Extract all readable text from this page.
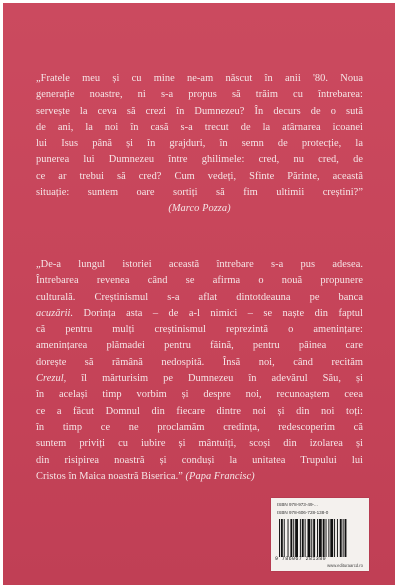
„Fratele meu și cu mine ne-am născut în anii '80. Noua
generație noastre, ni s-a propus să trăim cu întrebarea:
servește la ceva să crezi în Dumnezeu? În decurs de o sută
de ani, la noi în casă s-a trecut de la atârnarea icoanei
lui Isus până și în grajduri, în semn de protecție, la
punerea lui Dumnezeu între ghilimele: cred, nu cred, de
ce ar trebui să cred? Cum vedeți, Sfinte Părinte, această
situație: suntem oare sortiți să fim ultimii creștini?”
(Marco Pozza)
„De-a lungul istoriei această întrebare s-a pus adesea.
Întrebarea revenea când se afirma o nouă propunere
culturală. Creștinismul s-a aflat dintotdeauna pe banca
acuzării. Dorința asta – de a-l nimici – se naște din faptul
că pentru mulți creștinismul reprezintă o amenințare:
amenințarea plămadei pentru făină, pentru pâinea care
dorește să rămână nedospită. Însă noi, când recităm
Crezul, îl mărturisim pe Dumnezeu în adevărul Său, și
în același timp vorbim și despre noi, recunoaștem ceea
ce a făcut Domnul din fiecare dintre noi și din noi toți:
în timp ce ne proclamăm credința, redescoperim că
suntem priviți cu iubire și mântuiți, scoși din izolarea și
din risipirea noastră și conduși la unitatea Trupului lui
Cristos în Maica noastră Biserica.” (Papa Francisc)
ISBN 978-973-49-...
ISBN 978-606-728-138-0
9 786067 281380
www.edituraarcd.ro
